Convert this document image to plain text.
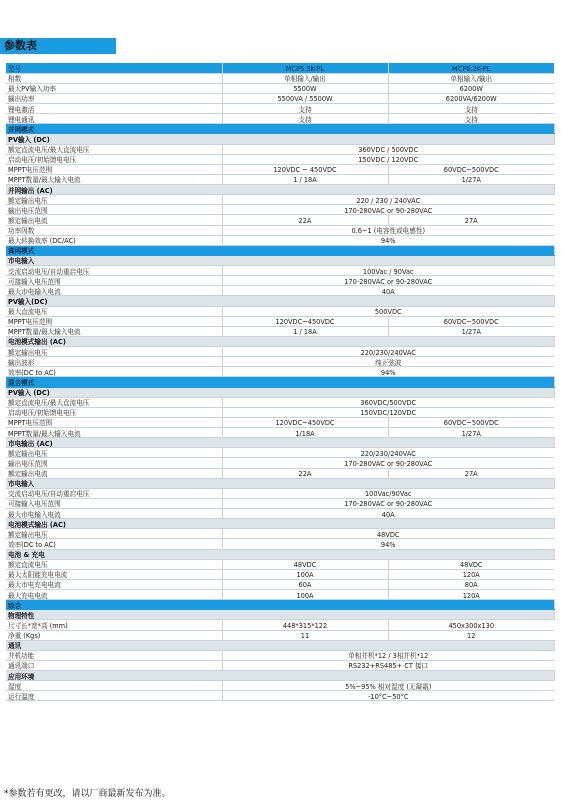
参数表
型号	MCP5.5K-PL	MCP6.2K-PL
相数	单相输入/输出	单相输入/输出
最大PV输入功率	5500W	6200W
输出功率	5500VA / 5500W	6200VA/6200W
锂电激活	支持	支持
锂电通讯	支持	支持
并网模式		
PV输入 (DC)		
额定直流电压/最大直流电压	360VDC / 500VDC	
启动电压/初始馈电电压	150VDC / 120VDC	
MPPT电压范围	120VDC ~ 450VDC	60VDC~500VDC
MPPT数量/最大输入电流	1 / 18A	1/27A
并网输出 (AC)		
额定输出电压	220 / 230 / 240VAC	
输出电压范围	170-280VAC or 90-280VAC	
额定输出电流	22A	27A
功率因数	0.6~1 (电容性或电感性)	
最大转换效率 (DC/AC)	94%	
离网模式		
市电输入		
交流启动电压/自动重启电压	100Vac / 90Vac	
可接输入电压范围	170-280VAC or 90-280VAC	
最大市电输入电流	40A	
PV输入(DC)		
最大直流电压	500VDC	
MPPT电压范围	120VDC~450VDC	60VDC~500VDC
MPPT数量/最大输入电流	1 / 18A	1/27A
电池模式输出 (AC)		
额定输出电压	220/230/240VAC	
输出波形	纯正弦波	
效率(DC to AC)	94%	
混合模式		
PV输入 (DC)		
额定直流电压/最大直流电压	360VDC/500VDC	
启动电压/初始馈电电压	150VDC/120VDC	
MPPT电压范围	120VDC~450VDC	60VDC~500VDC
MPPT数量/最大输入电流	1/18A	1/27A
市电输出 (AC)		
额定输出电压	220/230/240VAC	
输出电压范围	170-280VAC or 90-280VAC	
额定输出电流	22A	27A
市电输入		
交流启动电压/自动重启电压	100Vac/90Vac	
可接输入电压范围	170-280VAC or 90-280VAC	
最大市电输入电流	40A	
电池模式输出 (AC)		
额定输出电压	48VDC	
效率(DC to AC)	94%	
电池 & 充电		
额定直流电压	48VDC	48VDC
最大太阳能充电电流	100A	120A
最大市电充电电流	60A	80A
最大充电电流	100A	120A
综合		
物理特性		
尺寸长*宽*高 (mm)	448*315*122	450x300x130
净重 (Kgs)	11	12
通讯		
并机功能	单相并机*12 / 3相并机*12	
通讯端口	RS232+RS485+ CT 接口	
应用环境		
湿度	5%~95% 相对湿度 (无凝霜)	
运行温度	-10°C~50°C	
*参数若有更改，请以厂商最新发布为准。
